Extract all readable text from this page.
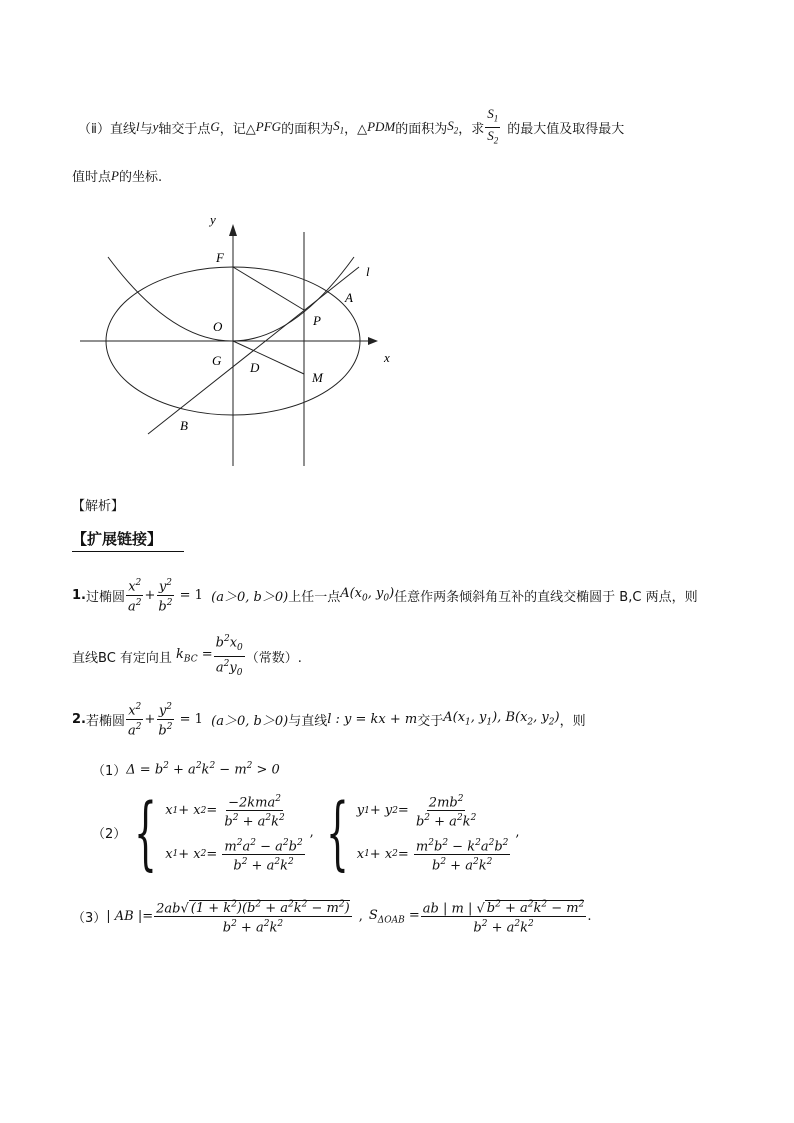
（ⅱ）直线 l 与 y 轴交于点 G ，记△ PFG 的面积为 $S_1$ ，△ PDM 的面积为 $S_2$ ，求 $\frac{S_1}{S_2}$ 的最大值及取得最大
值时点 P 的坐标.
y
F
l
A
O	P
x
G D
M
B
【解析】
【扩展链接】
1. 过椭圆 $\frac{x^2}{a^2} + \frac{y^2}{b^2} = 1$ (a＞0, b＞0) 上任一点 $A(x_0$, $y_0$) 任意作两条倾斜角互补的直线交椭圆于 B,C 两点，则
直线BC 有定向且 $k_{BC} = \frac{b^2x_0}{a^2y_0}$ （常数）.
2. 若椭圆 $\frac{x^2}{a^2} + \frac{y^2}{b^2} = 1$ (a＞0, b＞0) 与直线 l : y = kx + m 交于 $A(x_1$, $y_1$), $B(x_2$, $y_2$) ，则
（1） $\Delta = b^2 + a^2k^2 - m^2 > 0$
（2） { x 1 + x $2 = \frac{-2kma^2}{b^2 + a^2k^2}$
x 1 + x $2 = \frac{m^2a^2 - a^2b^2}{b^2 + a^2k^2}$
, { y 1 + y $2 = \frac{2mb^2}{b^2 + a^2k^2}$
x 1 + x $2 = \frac{m^2b^2 - k^2a^2b^2}{b^2 + a^2k^2}$
,
（3） | AB |= $\frac{2ab√ (1 + k^2)(b^2 + a^2k^2 - m^2)}{b^2 + a^2k^2}$ , $S_{\Delta OAB} = \frac{ab | m | √ b^2 + a^2k^2 - m^2}{b^2 + a^2k^2}$ .
